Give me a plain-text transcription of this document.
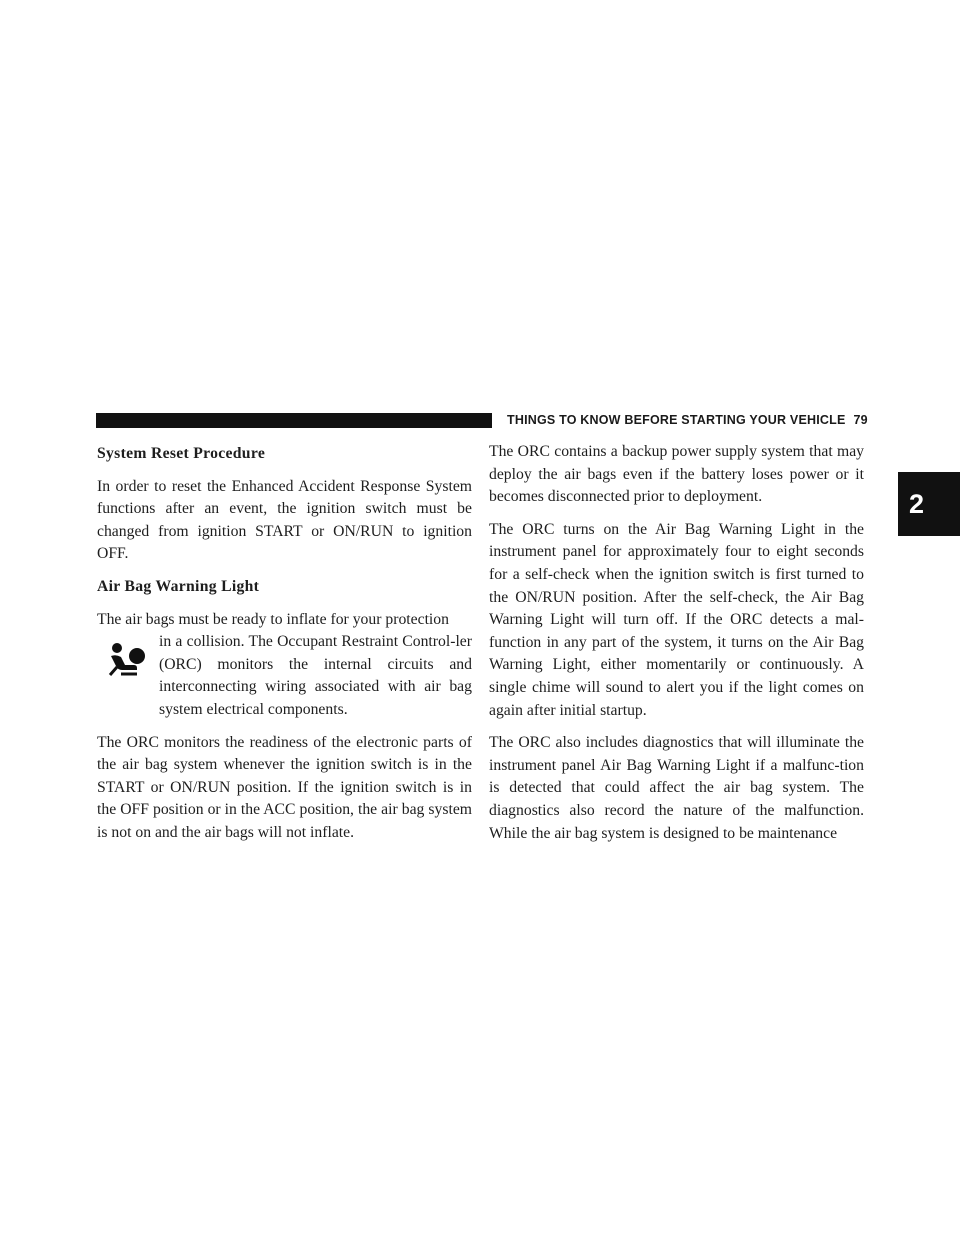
THINGS TO KNOW BEFORE STARTING YOUR VEHICLE 79
2
System Reset Procedure

In order to reset the Enhanced Accident Response System functions after an event, the ignition switch must be changed from ignition START or ON/RUN to ignition OFF.

Air Bag Warning Light

The air bags must be ready to inflate for your protection

in a collision. The Occupant Restraint Control-ler (ORC) monitors the internal circuits and interconnecting wiring associated with air bag system electrical components.

The ORC monitors the readiness of the electronic parts of the air bag system whenever the ignition switch is in the START or ON/RUN position. If the ignition switch is in the OFF position or in the ACC position, the air bag system is not on and the air bags will not inflate.

The ORC contains a backup power supply system that may deploy the air bags even if the battery loses power or it becomes disconnected prior to deployment.

The ORC turns on the Air Bag Warning Light in the instrument panel for approximately four to eight seconds for a self-check when the ignition switch is first turned to the ON/RUN position. After the self-check, the Air Bag Warning Light will turn off. If the ORC detects a mal-function in any part of the system, it turns on the Air Bag Warning Light, either momentarily or continuously. A single chime will sound to alert you if the light comes on again after initial startup.

The ORC also includes diagnostics that will illuminate the instrument panel Air Bag Warning Light if a malfunc-tion is detected that could affect the air bag system. The diagnostics also record the nature of the malfunction. While the air bag system is designed to be maintenance
